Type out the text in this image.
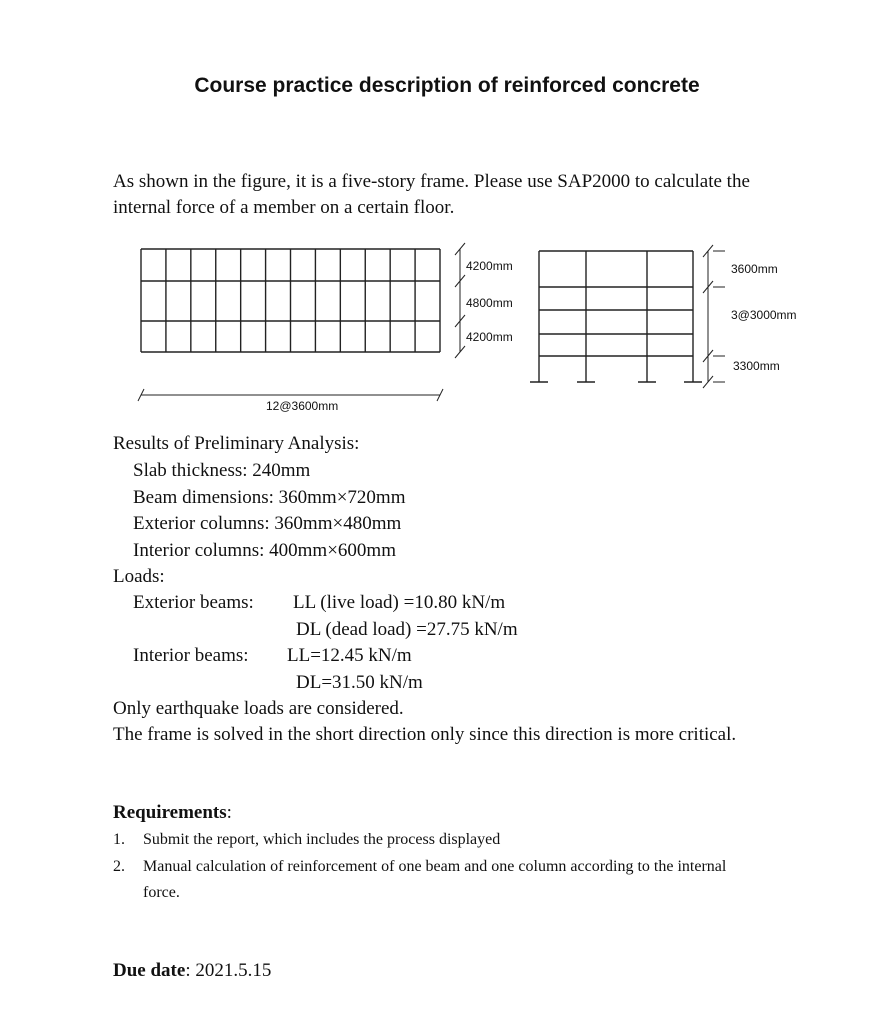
Course practice description of reinforced concrete
As shown in the figure, it is a five-story frame. Please use SAP2000 to calculate the
internal force of a member on a certain floor.
4200mm
4800mm
4200mm
12@3600mm
3600mm
3@3000mm
3300mm
Results of Preliminary Analysis:
Slab thickness: 240mm
Beam dimensions: 360mm×720mm
Exterior columns: 360mm×480mm
Interior columns: 400mm×600mm
Loads:
Exterior beams: LL (live load) =10.80 kN/m
DL (dead load) =27.75 kN/m
Interior beams: LL=12.45 kN/m
DL=31.50 kN/m
Only earthquake loads are considered.
The frame is solved in the short direction only since this direction is more critical.
Requirements:
1. Submit the report, which includes the process displayed
2. Manual calculation of reinforcement of one beam and one column according to the internal
force.
Due date: 2021.5.15
